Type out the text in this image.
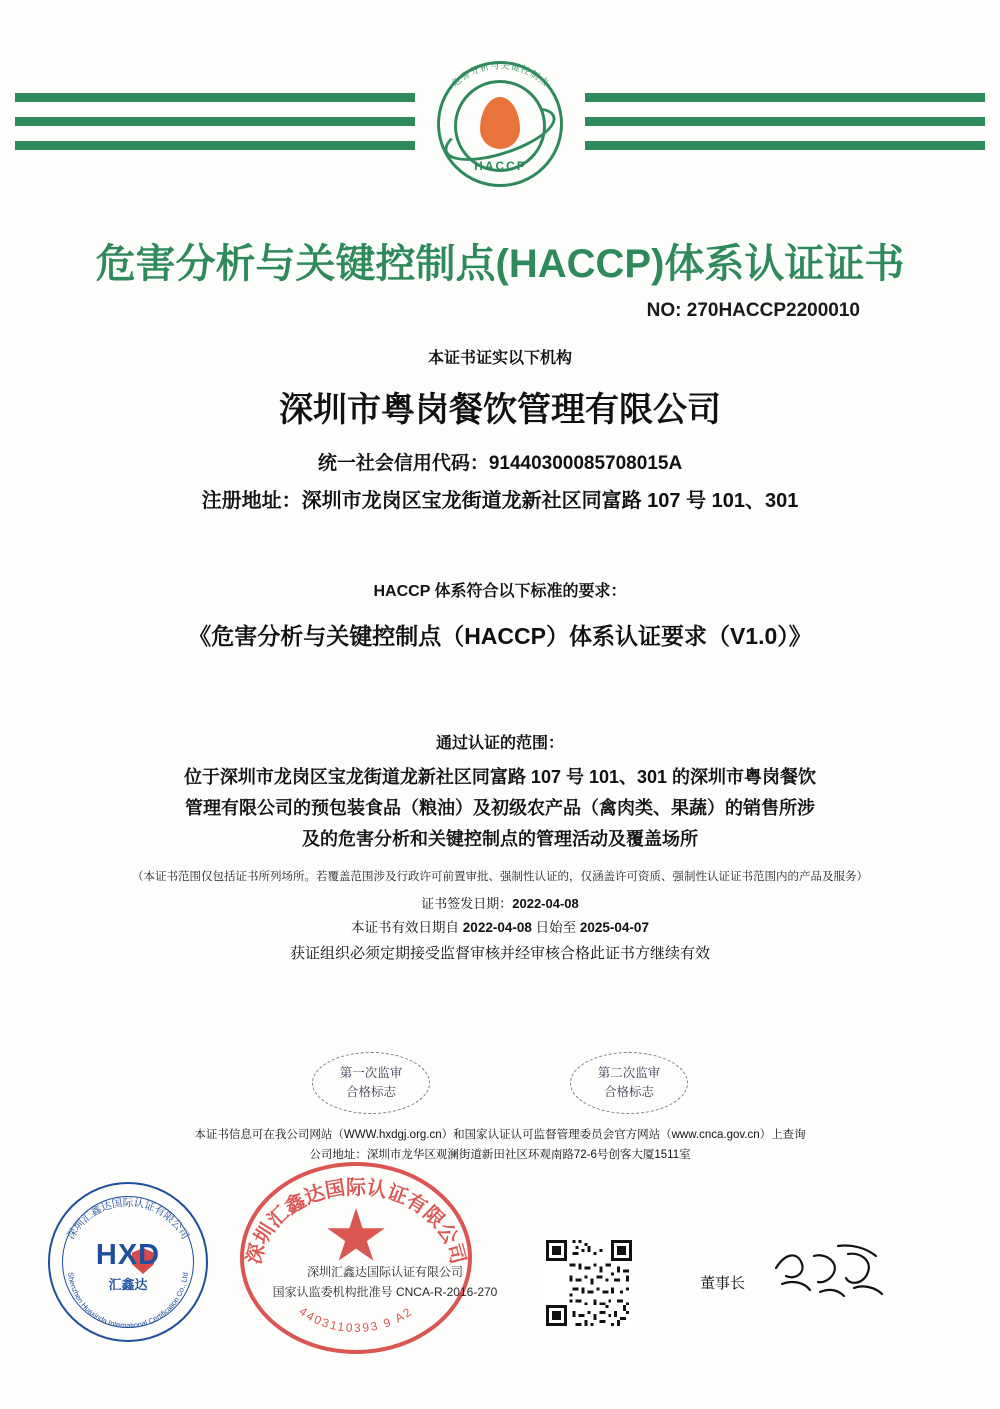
危害分析与关键控制点
HACCP
危害分析与关键控制点(HACCP)体系认证证书
NO: 270HACCP2200010
本证书证实以下机构
深圳市粤岗餐饮管理有限公司
统一社会信用代码：91440300085708015A
注册地址：深圳市龙岗区宝龙街道龙新社区同富路 107 号 101、301
HACCP 体系符合以下标准的要求：
《危害分析与关键控制点（HACCP）体系认证要求（V1.0）》
通过认证的范围：
位于深圳市龙岗区宝龙街道龙新社区同富路 107 号 101、301 的深圳市粤岗餐饮
管理有限公司的预包装食品（粮油）及初级农产品（禽肉类、果蔬）的销售所涉
及的危害分析和关键控制点的管理活动及覆盖场所
（本证书范围仅包括证书所列场所。若覆盖范围涉及行政许可前置审批、强制性认证的，仅涵盖许可资质、强制性认证证书范围内的产品及服务）
证书签发日期：2022-04-08
本证书有效日期自 2022-04-08 日始至 2025-04-07
获证组织必须定期接受监督审核并经审核合格此证书方继续有效
第一次监审
合格标志
第二次监审
合格标志
本证书信息可在我公司网站（WWW.hxdgj.org.cn）和国家认证认可监督管理委员会官方网站（www.cnca.gov.cn）上查询
公司地址：深圳市龙华区观澜街道新田社区环观南路72-6号创客大厦1511室
深圳汇鑫达国际认证有限公司
Shenzhen Huaxinda International Certification Co., Ltd
HXD
汇鑫达
深圳汇鑫达国际认证有限公司
4403110393 9 A2
深圳汇鑫达国际认证有限公司
国家认监委机构批准号 CNCA-R-2016-270	董事长
